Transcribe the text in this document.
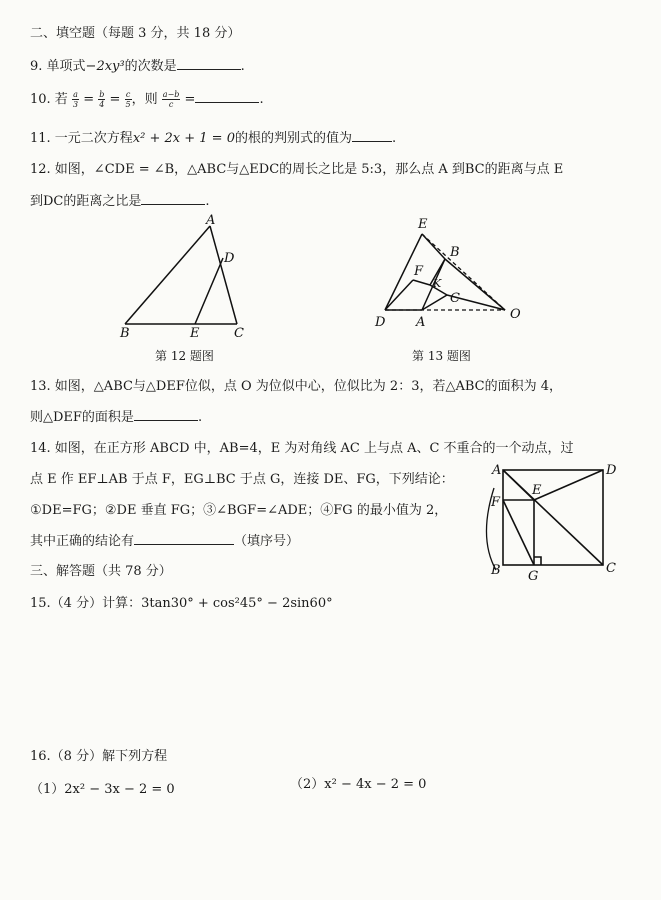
二、填空题（每题 3 分，共 18 分）
9. 单项式−2xy³的次数是	.
10. 若 $\frac{a}{3} = \frac{b}{4} = \frac{c}{5}$ ，则 $\frac{a-b}{c}$ =	.
11. 一元二次方程x² + 2x + 1 = 0的根的判别式的值为	.
12. 如图，∠CDE = ∠B，△ABC与△EDC的周长之比是 5:3，那么点 A 到BC的距离与点 E
到DC的距离之比是	.
A
B	C
D
E
第 12 题图
E
B
F
K
C
D A
O
第 13 题图
13. 如图，△ABC与△DEF位似，点 O 为位似中心，位似比为 2：3，若△ABC的面积为 4，
则△DEF的面积是	.
14. 如图，在正方形 ABCD 中，AB=4，E 为对角线 AC 上与点 A、C 不重合的一个动点，过
点 E 作 EF⊥AB 于点 F，EG⊥BC 于点 G，连接 DE、FG，下列结论：
①DE=FG；②DE 垂直 FG；③∠BGF=∠ADE；④FG 的最小值为 2，
其中正确的结论有	（填序号）
A	D
E
F
B G
C
三、解答题（共 78 分）
15.（4 分）计算：3tan30° + cos²45° − 2sin60°
16.（8 分）解下列方程
（1）2x² − 3x − 2 = 0	（2）x² − 4x − 2 = 0
